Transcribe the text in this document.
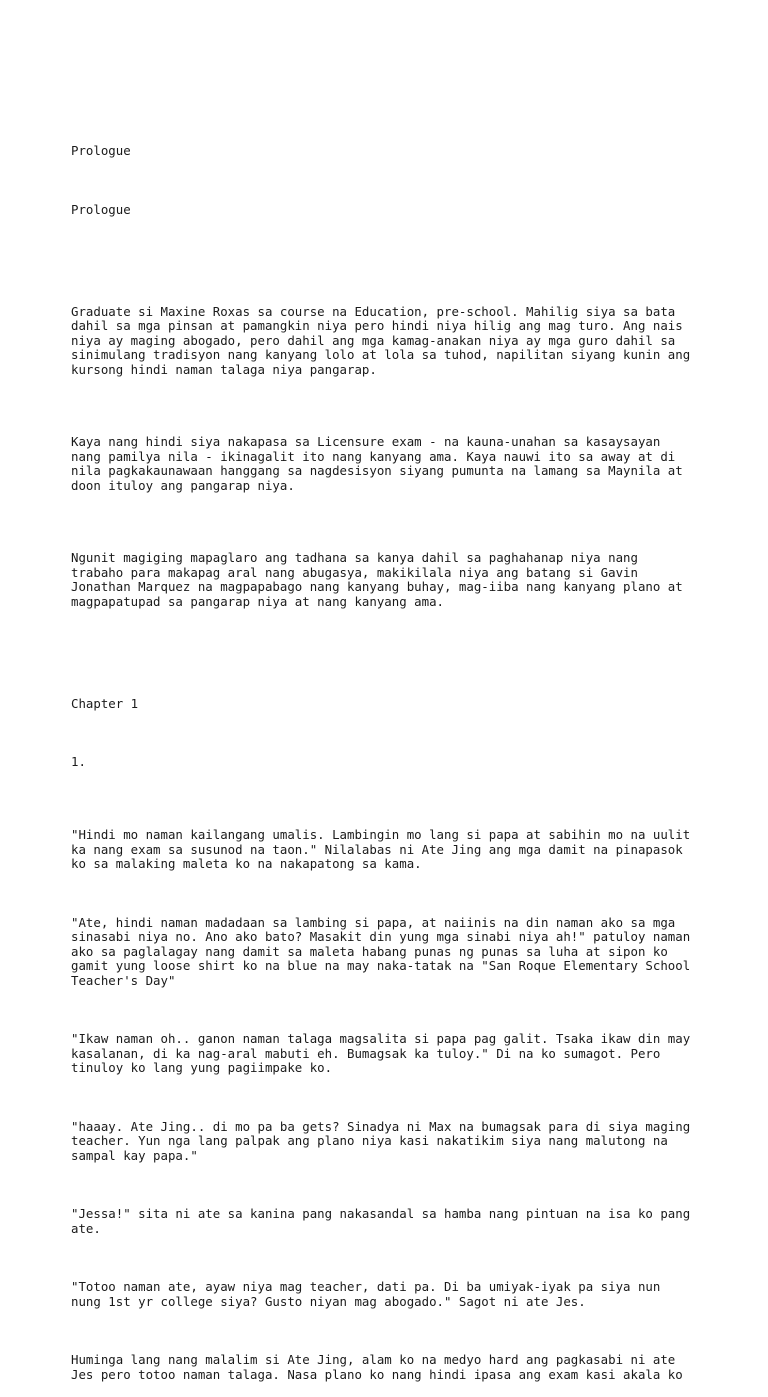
Prologue

Prologue

Graduate si Maxine Roxas sa course na Education, pre-school. Mahilig siya sa bata
dahil sa mga pinsan at pamangkin niya pero hindi niya hilig ang mag turo. Ang nais
niya ay maging abogado, pero dahil ang mga kamag-anakan niya ay mga guro dahil sa
sinimulang tradisyon nang kanyang lolo at lola sa tuhod, napilitan siyang kunin ang
kursong hindi naman talaga niya pangarap.

Kaya nang hindi siya nakapasa sa Licensure exam - na kauna-unahan sa kasaysayan
nang pamilya nila - ikinagalit ito nang kanyang ama. Kaya nauwi ito sa away at di
nila pagkakaunawaan hanggang sa nagdesisyon siyang pumunta na lamang sa Maynila at
doon ituloy ang pangarap niya.

Ngunit magiging mapaglaro ang tadhana sa kanya dahil sa paghahanap niya nang
trabaho para makapag aral nang abugasya, makikilala niya ang batang si Gavin
Jonathan Marquez na magpapabago nang kanyang buhay, mag-iiba nang kanyang plano at
magpapatupad sa pangarap niya at nang kanyang ama.

Chapter 1

1.

"Hindi mo naman kailangang umalis. Lambingin mo lang si papa at sabihin mo na uulit
ka nang exam sa susunod na taon." Nilalabas ni Ate Jing ang mga damit na pinapasok
ko sa malaking maleta ko na nakapatong sa kama.

"Ate, hindi naman madadaan sa lambing si papa, at naiinis na din naman ako sa mga
sinasabi niya no. Ano ako bato? Masakit din yung mga sinabi niya ah!" patuloy naman
ako sa paglalagay nang damit sa maleta habang punas ng punas sa luha at sipon ko
gamit yung loose shirt ko na blue na may naka-tatak na "San Roque Elementary School
Teacher's Day"

"Ikaw naman oh.. ganon naman talaga magsalita si papa pag galit. Tsaka ikaw din may
kasalanan, di ka nag-aral mabuti eh. Bumagsak ka tuloy." Di na ko sumagot. Pero
tinuloy ko lang yung pagiimpake ko.

"haaay. Ate Jing.. di mo pa ba gets? Sinadya ni Max na bumagsak para di siya maging
teacher. Yun nga lang palpak ang plano niya kasi nakatikim siya nang malutong na
sampal kay papa."

"Jessa!" sita ni ate sa kanina pang nakasandal sa hamba nang pintuan na isa ko pang
ate.

"Totoo naman ate, ayaw niya mag teacher, dati pa. Di ba umiyak-iyak pa siya nun
nung 1st yr college siya? Gusto niyan mag abogado." Sagot ni ate Jes.

Huminga lang nang malalim si Ate Jing, alam ko na medyo hard ang pagkasabi ni ate
Jes pero totoo naman talaga. Nasa plano ko nang hindi ipasa ang exam kasi akala ko
